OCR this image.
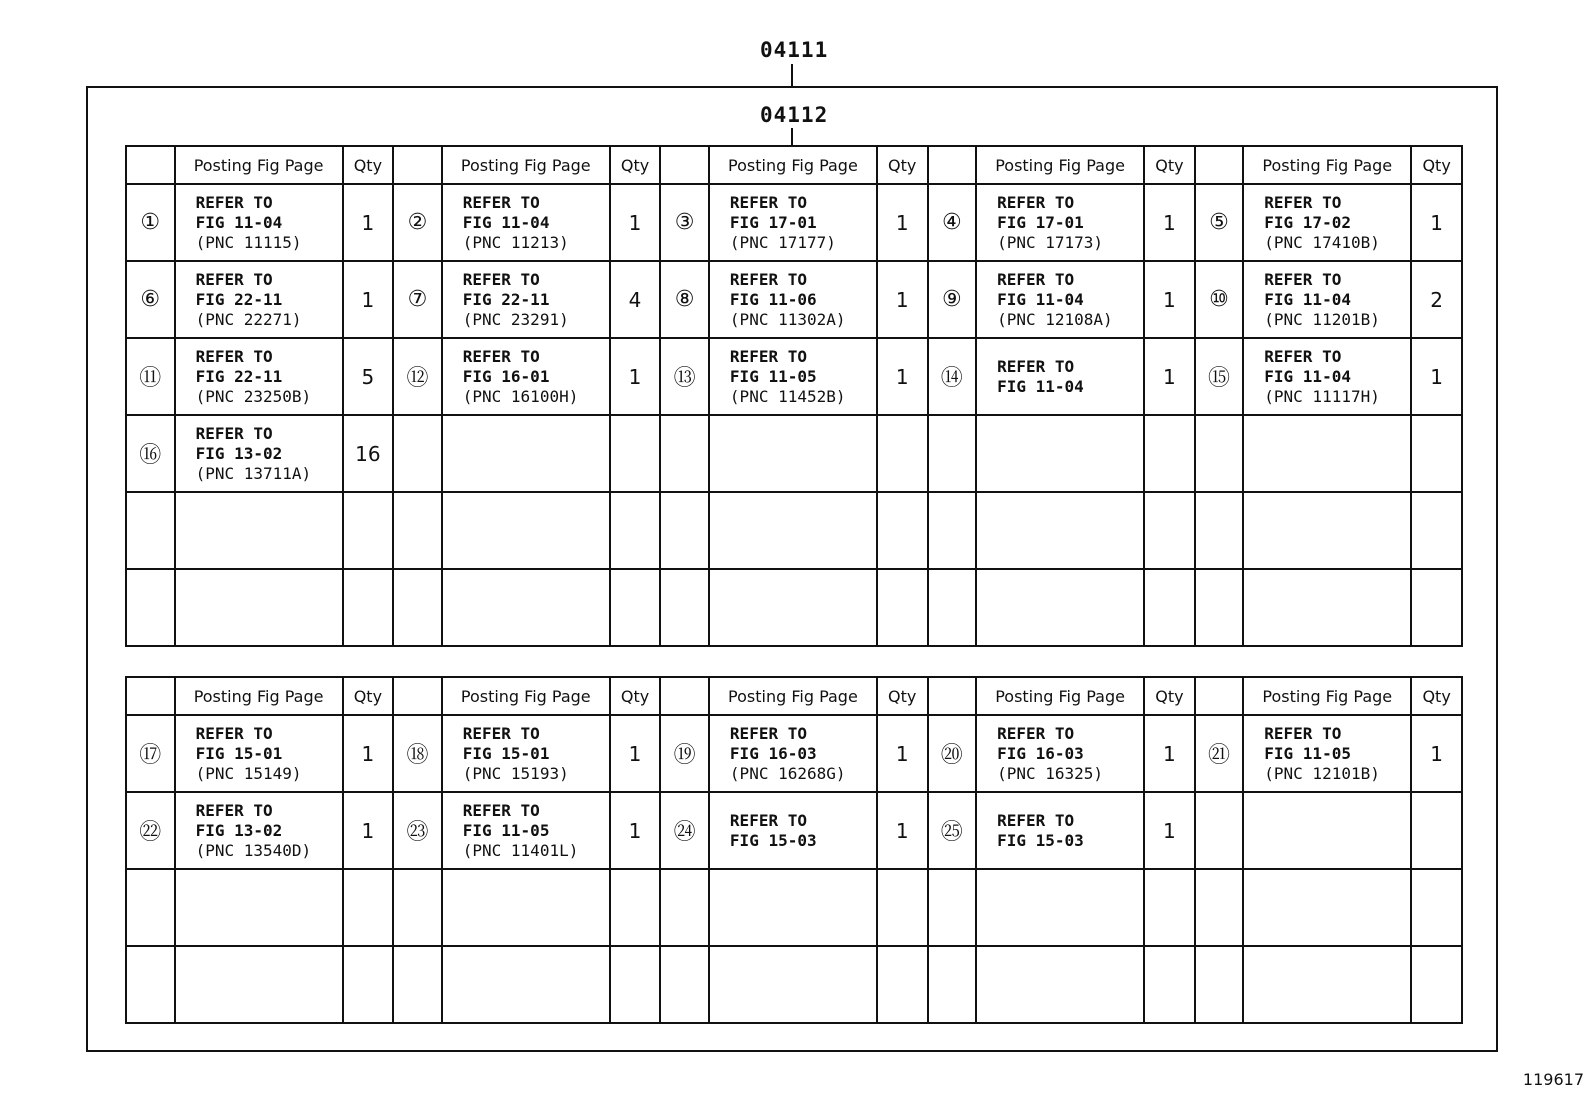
04111
04112
	Posting Fig Page	Qty		Posting Fig Page	Qty		Posting Fig Page	Qty		Posting Fig Page	Qty		Posting Fig Page	Qty
①	REFER TO
FIG 11-04
(PNC 11115)	1	②	REFER TO
FIG 11-04
(PNC 11213)	1	③	REFER TO
FIG 17-01
(PNC 17177)	1	④	REFER TO
FIG 17-01
(PNC 17173)	1	⑤	REFER TO
FIG 17-02
(PNC 17410B)	1
⑥	REFER TO
FIG 22-11
(PNC 22271)	1	⑦	REFER TO
FIG 22-11
(PNC 23291)	4	⑧	REFER TO
FIG 11-06
(PNC 11302A)	1	⑨	REFER TO
FIG 11-04
(PNC 12108A)	1	⑩	REFER TO
FIG 11-04
(PNC 11201B)	2
⑪	REFER TO
FIG 22-11
(PNC 23250B)	5	⑫	REFER TO
FIG 16-01
(PNC 16100H)	1	⑬	REFER TO
FIG 11-05
(PNC 11452B)	1	⑭	REFER TO
FIG 11-04	1	⑮	REFER TO
FIG 11-04
(PNC 11117H)	1
⑯	REFER TO
FIG 13-02
(PNC 13711A)	16		

	Posting Fig Page	Qty		Posting Fig Page	Qty		Posting Fig Page	Qty		Posting Fig Page	Qty		Posting Fig Page	Qty
⑰	REFER TO
FIG 15-01
(PNC 15149)	1	⑱	REFER TO
FIG 15-01
(PNC 15193)	1	⑲	REFER TO
FIG 16-03
(PNC 16268G)	1	⑳	REFER TO
FIG 16-03
(PNC 16325)	1	㉑	REFER TO
FIG 11-05
(PNC 12101B)	1
㉒	REFER TO
FIG 13-02
(PNC 13540D)	1	㉓	REFER TO
FIG 11-05
(PNC 11401L)	1	㉔	REFER TO
FIG 15-03	1	㉕	REFER TO
FIG 15-03	1		

119617
